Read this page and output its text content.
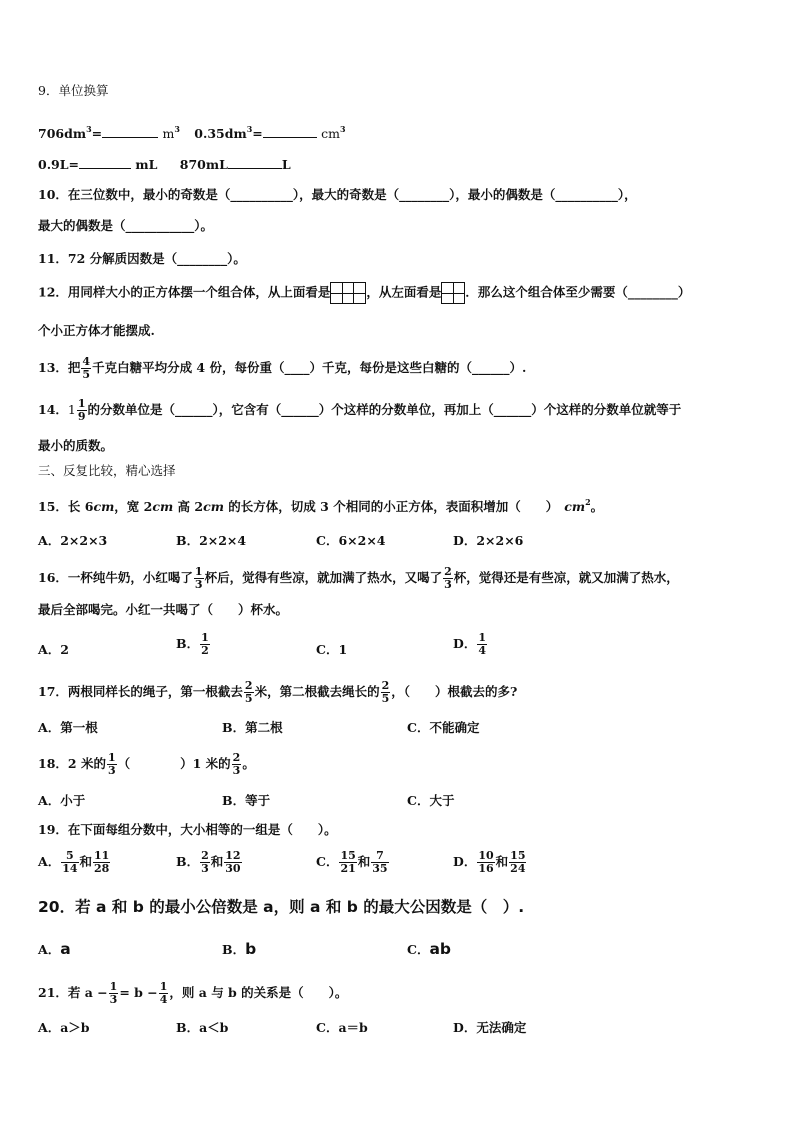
9．单位换算
$706dm^3=$	$m^3$ $0.35dm^3=$	$cm^3$
0.9L=	mL 870mL	L
10．在三位数中，最小的奇数是（__________），最大的奇数是（________），最小的偶数是（__________），
最大的偶数是（___________）。
11．72 分解质因数是（________）。
12．用同样大小的正方体摆一个组合体，从上面看是	，从左面看是 ．那么这个组合体至少需要（________）
个小正方体才能摆成.
13．把 $\frac{4}{5}$ 千克白糖平均分成 4 份，每份重（____）千克，每份是这些白糖的（______）.
14．$1 \frac{1}{9}$ 的分数单位是（______），它含有（______）个这样的分数单位，再加上（______）个这样的分数单位就等于
最小的质数。
三、反复比较，精心选择
15．长 6cm，宽 2cm 高 2cm 的长方体，切成 3 个相同的小正方体，表面积增加（　　） $cm^2$。
A．2×2×3	B．2×2×4	C．6×2×4	D．2×2×6
16．一杯纯牛奶，小红喝了 $\frac{1}{3}$ 杯后，觉得有些凉，就加满了热水，又喝了 $\frac{2}{3}$ 杯，觉得还是有些凉，就又加满了热水，
最后全部喝完。小红一共喝了（　　）杯水。
A．2	B． $\frac{1}{2}$	C．1	D． $\frac{1}{4}$
17．两根同样长的绳子，第一根截去 $\frac{2}{5}$ 米，第二根截去绳长的 $\frac{2}{5}$ ，（　　）根截去的多?
A．第一根	B．第二根	C．不能确定
18．2 米的 $\frac{1}{3}$ （　　　　）1 米的 $\frac{2}{3}$ 。
A．小于	B．等于	C．大于
19．在下面每组分数中，大小相等的一组是（　　）。
A． $\frac{5}{14}$ 和 $\frac{11}{28}$	B． $\frac{2}{3}$ 和 $\frac{12}{30}$	C． $\frac{15}{21}$ 和 $\frac{7}{35}$	D． $\frac{10}{16}$ 和 $\frac{15}{24}$
20．若 a 和 b 的最小公倍数是 a，则 a 和 b 的最大公因数是（　）.
A．a	B．b	C．ab
21．若 $a - \frac{1}{3} = b - \frac{1}{4}$ ，则 a 与 b 的关系是（　　）。
A．a＞b	B．a＜b	C．a＝b	D．无法确定
